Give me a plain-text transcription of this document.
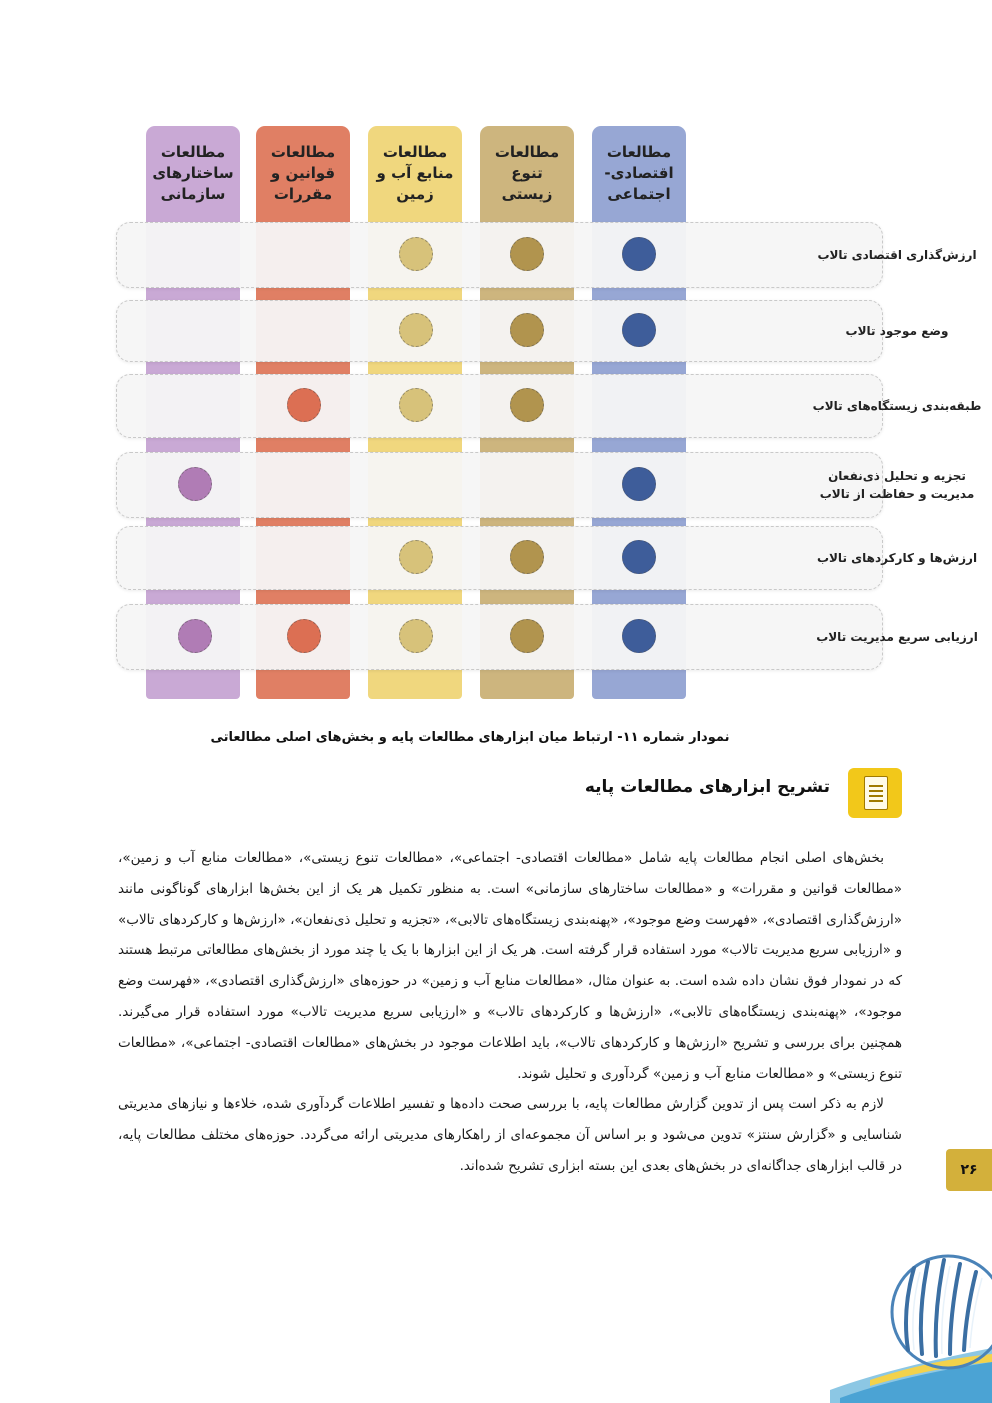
مطالعات
اقتصادی-
اجتماعی
مطالعات
تنوع زیستی
مطالعات
منابع آب و
زمین
مطالعات
قوانین و
مقررات
مطالعات
ساختارهای
سازمانی
ارزش‌گذاری اقتصادی تالاب
وضع موجود تالاب
طبقه‌بندی زیستگاه‌های تالاب
تجزیه و تحلیل ذی‌نفعان
مدیریت و حفاظت از تالاب
ارزش‌ها و کارکردهای تالاب
ارزیابی سریع مدیریت تالاب
نمودار شماره ۱۱- ارتباط میان ابزارهای مطالعات پایه و بخش‌های اصلی مطالعاتی
تشریح ابزارهای مطالعات پایه

بخش‌های اصلی انجام مطالعات پایه شامل «مطالعات اقتصادی- اجتماعی»، «مطالعات تنوع زیستی»، «مطالعات منابع آب و زمین»، «مطالعات قوانین و مقررات» و «مطالعات ساختارهای سازمانی» است. به منظور تکمیل هر یک از این بخش‌ها ابزارهای گوناگونی مانند «ارزش‌گذاری اقتصادی»، «فهرست وضع موجود»، «پهنه‌بندی زیستگاه‌های تالابی»، «تجزیه و تحلیل ذی‌نفعان»، «ارزش‌ها و کارکردهای تالاب» و «ارزیابی سریع مدیریت تالاب» مورد استفاده قرار گرفته است. هر یک از این ابزارها با یک یا چند مورد از بخش‌های مطالعاتی مرتبط هستند که در نمودار فوق نشان داده شده است. به عنوان مثال، «مطالعات منابع آب و زمین» در حوزه‌های «ارزش‌گذاری اقتصادی»، «فهرست وضع موجود»، «پهنه‌بندی زیستگاه‌های تالابی»، «ارزش‌ها و کارکردهای تالاب» و «ارزیابی سریع مدیریت تالاب» مورد استفاده قرار می‌گیرند. همچنین برای بررسی و تشریح «ارزش‌ها و کارکردهای تالاب»، باید اطلاعات موجود در بخش‌های «مطالعات اقتصادی- اجتماعی»، «مطالعات تنوع زیستی» و «مطالعات منابع آب و زمین» گردآوری و تحلیل شوند.

لازم به ذکر است پس از تدوین گزارش مطالعات پایه، با بررسی صحت داده‌ها و تفسیر اطلاعات گردآوری شده، خلاءها و نیازهای مدیریتی شناسایی و «گزارش سنتز» تدوین می‌شود و بر اساس آن مجموعه‌ای از راهکارهای مدیریتی ارائه می‌گردد. حوزه‌های مختلف مطالعات پایه، در قالب ابزارهای جداگانه‌ای در بخش‌های بعدی این بسته ابزاری تشریح شده‌اند.	۲۶
